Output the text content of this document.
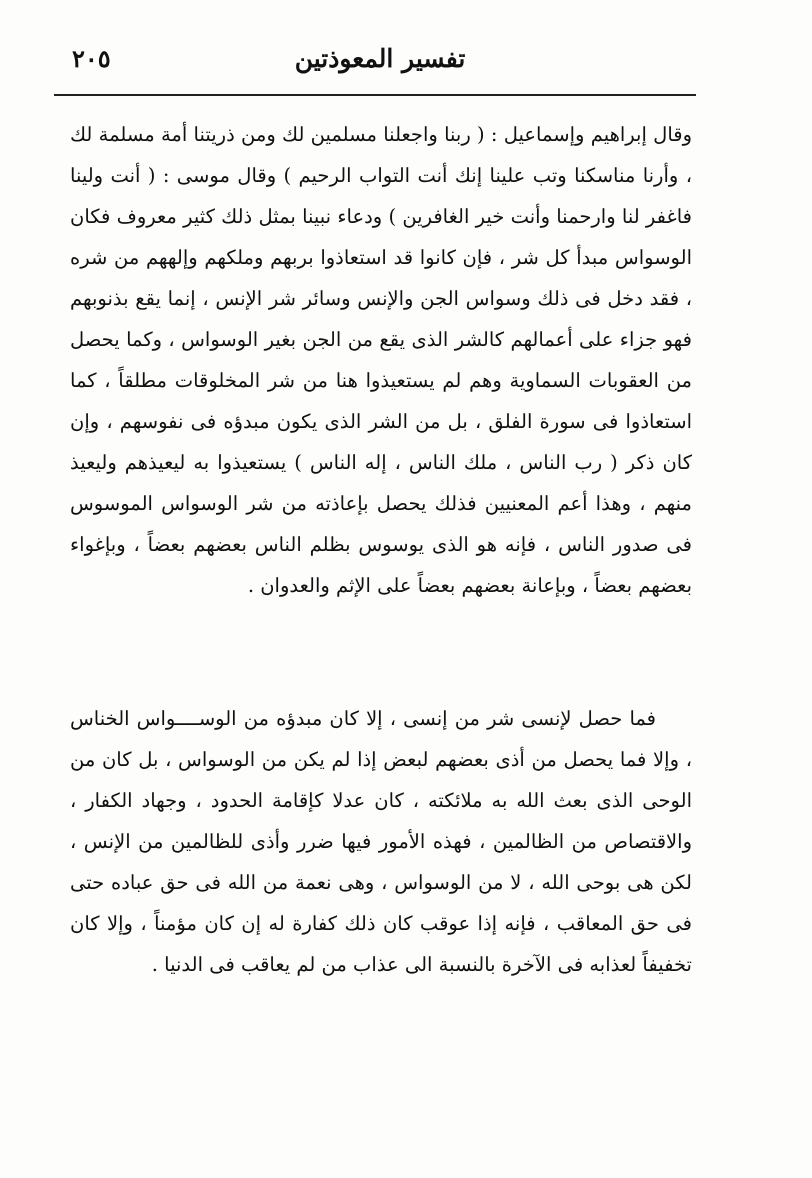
تفسير المعوذتين
٢٠٥

وقال إبراهيم وإسماعيل : ( ربنا واجعلنا مسلمين لك ومن ذريتنا أمة مسلمة لك ، وأرنا مناسكنا وتب علينا إنك أنت التواب الرحيم ) وقال موسى : ( أنت ولينا فاغفر لنا وارحمنا وأنت خير الغافرين ) ودعاء نبينا بمثل ذلك كثير معروف فكان الوسواس مبدأ كل شر ، فإن كانوا قد استعاذوا بربهم وملكهم وإلههم من شره ، فقد دخل فى ذلك وسواس الجن والإنس وسائر شر الإنس ، إنما يقع بذنوبهم فهو جزاء على أعمالهم كالشر الذى يقع من الجن بغير الوسواس ، وكما يحصل من العقوبات السماوية وهم لم يستعيذوا هنا من شر المخلوقات مطلقاً ، كما استعاذوا فى سورة الفلق ، بل من الشر الذى يكون مبدؤه فى نفوسهم ، وإن كان ذكر ( رب الناس ، ملك الناس ، إله الناس ) يستعيذوا به ليعيذهم وليعيذ منهم ، وهذا أعم المعنيين فذلك يحصل بإعاذته من شر الوسواس الموسوس فى صدور الناس ، فإنه هو الذى يوسوس بظلم الناس بعضهم بعضاً ، وبإغواء بعضهم بعضاً ، وبإعانة بعضهم بعضاً على الإثم والعدوان .

فما حصل لإنسى شر من إنسى ، إلا كان مبدؤه من الوســــواس الخناس ، وإلا فما يحصل من أذى بعضهم لبعض إذا لم يكن من الوسواس ، بل كان من الوحى الذى بعث الله به ملائكته ، كان عدلا كإقامة الحدود ، وجهاد الكفار ، والاقتصاص من الظالمين ، فهذه الأمور فيها ضرر وأذى للظالمين من الإنس ، لكن هى بوحى الله ، لا من الوسواس ، وهى نعمة من الله فى حق عباده حتى فى حق المعاقب ، فإنه إذا عوقب كان ذلك كفارة له إن كان مؤمناً ، وإلا كان تخفيفاً لعذابه فى الآخرة بالنسبة الى عذاب من لم يعاقب فى الدنيا .
